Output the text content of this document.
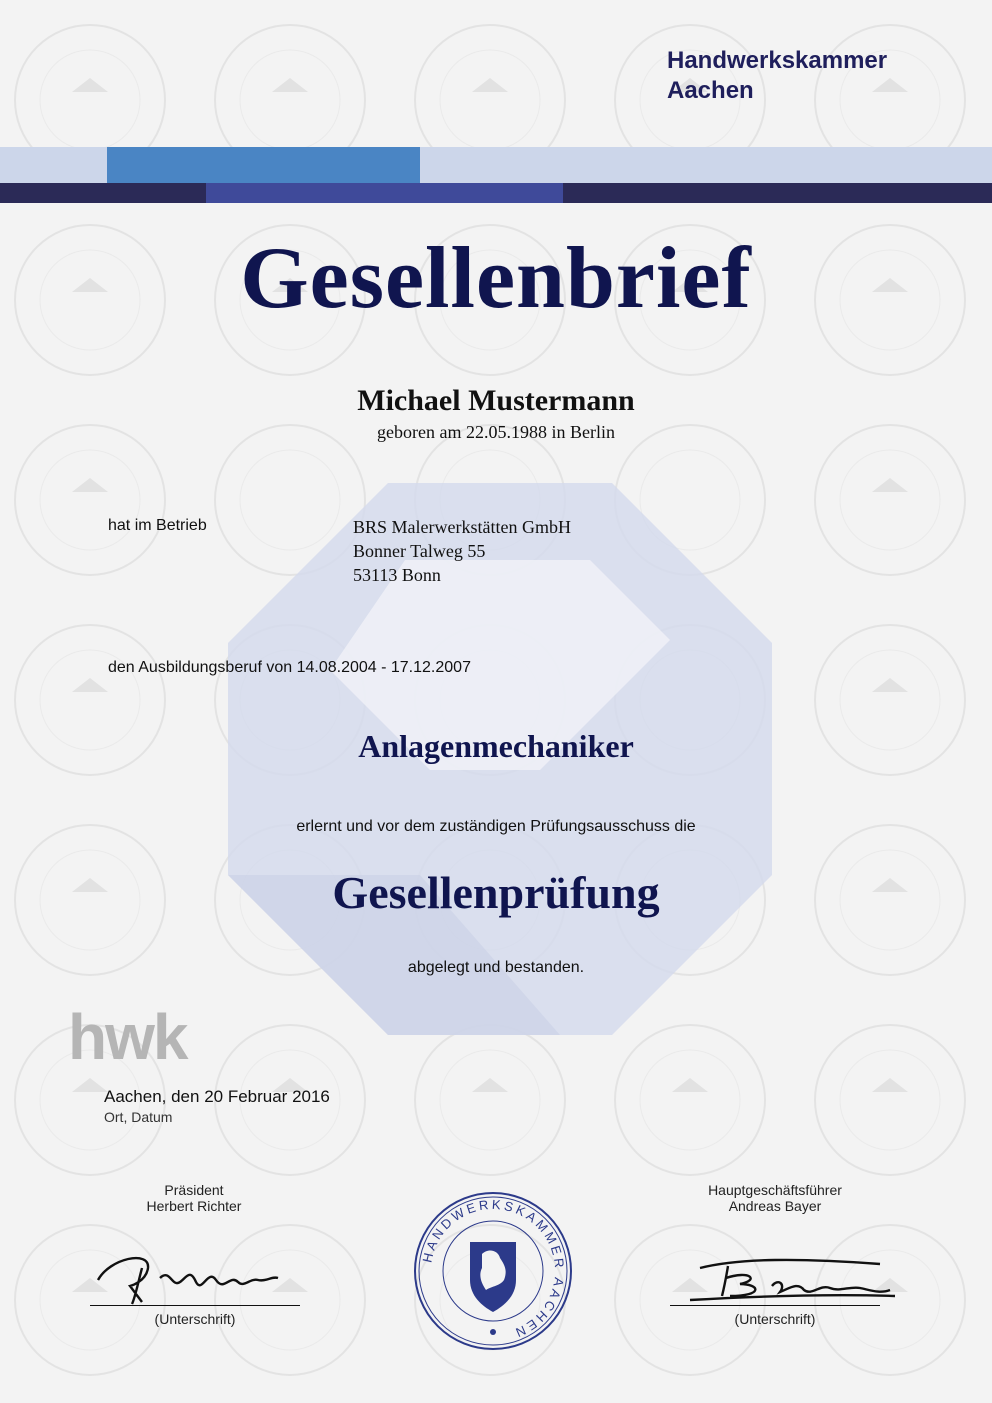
Handwerkskammer
Aachen
Gesellenbrief
Michael Mustermann
geboren am 22.05.1988 in Berlin
hat im Betrieb	BRS Malerwerkstätten GmbH
Bonner Talweg 55
53113 Bonn
den Ausbildungsberuf von 14.08.2004 - 17.12.2007
Anlagenmechaniker
erlernt und vor dem zuständigen Prüfungsausschuss die
Gesellenprüfung
abgelegt und bestanden.
hwk
Aachen, den 20 Februar 2016
Ort, Datum
Präsident
Herbert Richter
(Unterschrift)
Hauptgeschäftsführer
Andreas Bayer
(Unterschrift)
HANDWERKSKAMMER AACHEN
